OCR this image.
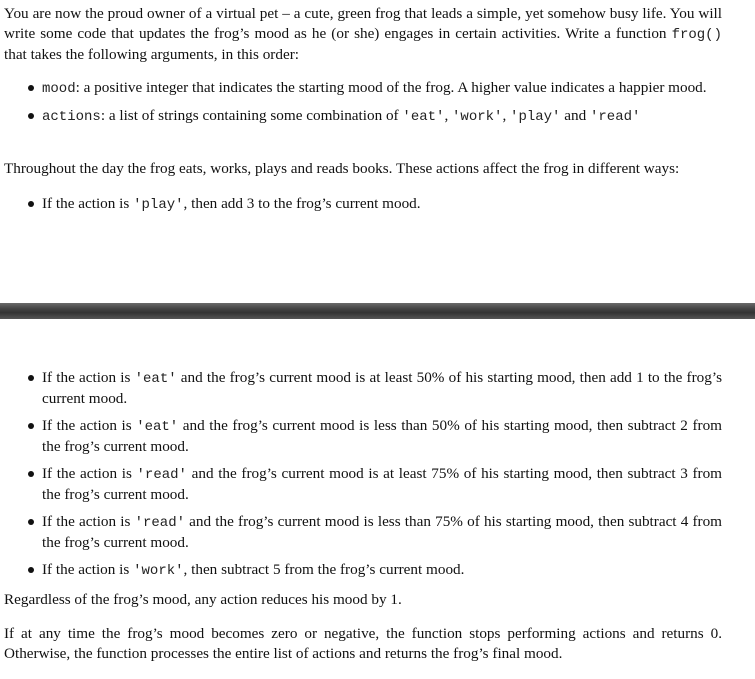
You are now the proud owner of a virtual pet – a cute, green frog that leads a simple, yet somehow busy life. You will write some code that updates the frog’s mood as he (or she) engages in certain activities. Write a function frog() that takes the following arguments, in this order:

mood: a positive integer that indicates the starting mood of the frog. A higher value indicates a happier mood.
actions: a list of strings containing some combination of 'eat', 'work', 'play' and 'read'

Throughout the day the frog eats, works, plays and reads books. These actions affect the frog in different ways:

If the action is 'play', then add 3 to the frog’s current mood.
If the action is 'eat' and the frog’s current mood is at least 50% of his starting mood, then add 1 to the frog’s current mood.
If the action is 'eat' and the frog’s current mood is less than 50% of his starting mood, then subtract 2 from the frog’s current mood.
If the action is 'read' and the frog’s current mood is at least 75% of his starting mood, then subtract 3 from the frog’s current mood.
If the action is 'read' and the frog’s current mood is less than 75% of his starting mood, then subtract 4 from the frog’s current mood.
If the action is 'work', then subtract 5 from the frog’s current mood.

Regardless of the frog’s mood, any action reduces his mood by 1.

If at any time the frog’s mood becomes zero or negative, the function stops performing actions and returns 0. Otherwise, the function processes the entire list of actions and returns the frog’s final mood.
